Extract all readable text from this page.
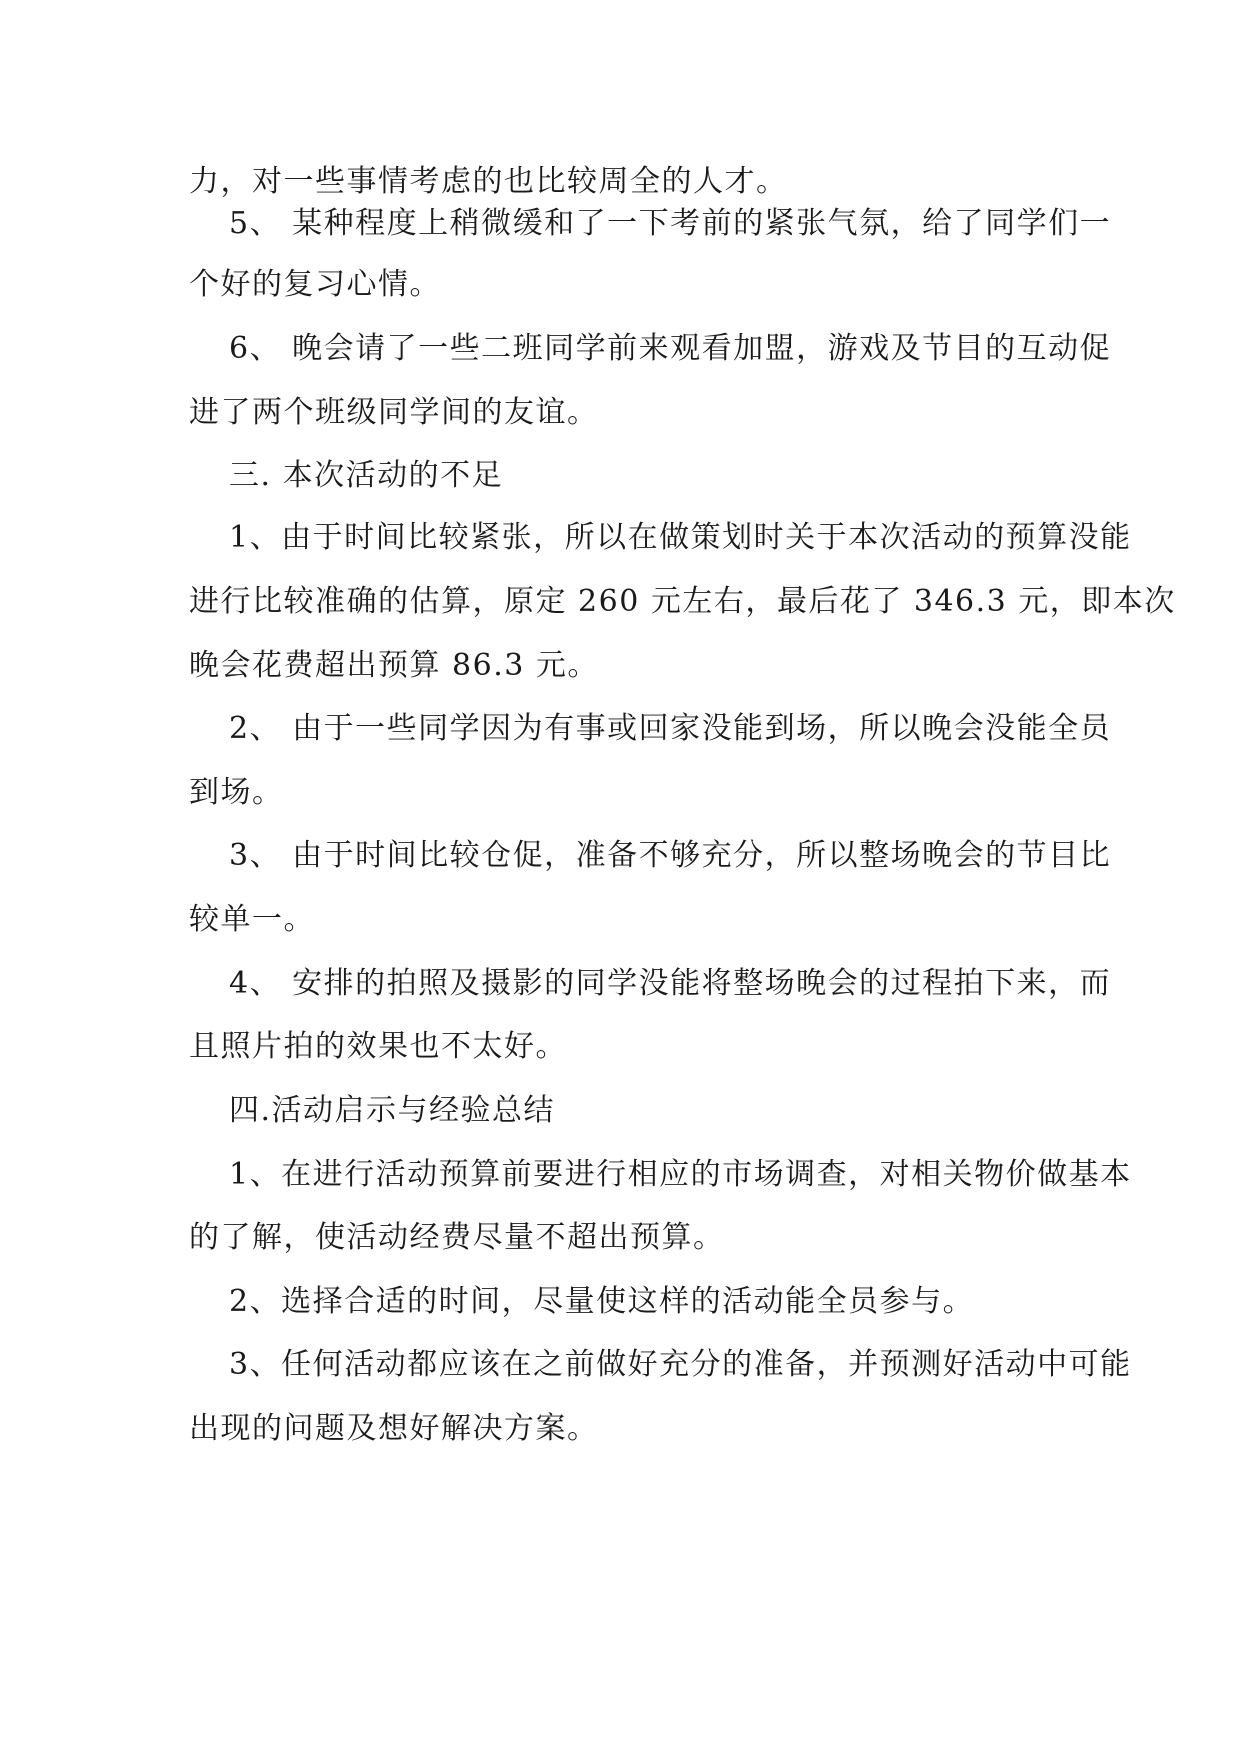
力，对一些事情考虑的也比较周全的人才。
5、 某种程度上稍微缓和了一下考前的紧张气氛，给了同学们一
个好的复习心情。
6、 晚会请了一些二班同学前来观看加盟，游戏及节目的互动促
进了两个班级同学间的友谊。
三. 本次活动的不足
1、由于时间比较紧张，所以在做策划时关于本次活动的预算没能
进行比较准确的估算，原定 260 元左右，最后花了 346.3 元，即本次
晚会花费超出预算 86.3 元。
2、 由于一些同学因为有事或回家没能到场，所以晚会没能全员
到场。
3、 由于时间比较仓促，准备不够充分，所以整场晚会的节目比
较单一。
4、 安排的拍照及摄影的同学没能将整场晚会的过程拍下来，而
且照片拍的效果也不太好。
四.活动启示与经验总结
1、在进行活动预算前要进行相应的市场调查，对相关物价做基本
的了解，使活动经费尽量不超出预算。
2、选择合适的时间，尽量使这样的活动能全员参与。
3、任何活动都应该在之前做好充分的准备，并预测好活动中可能
出现的问题及想好解决方案。
